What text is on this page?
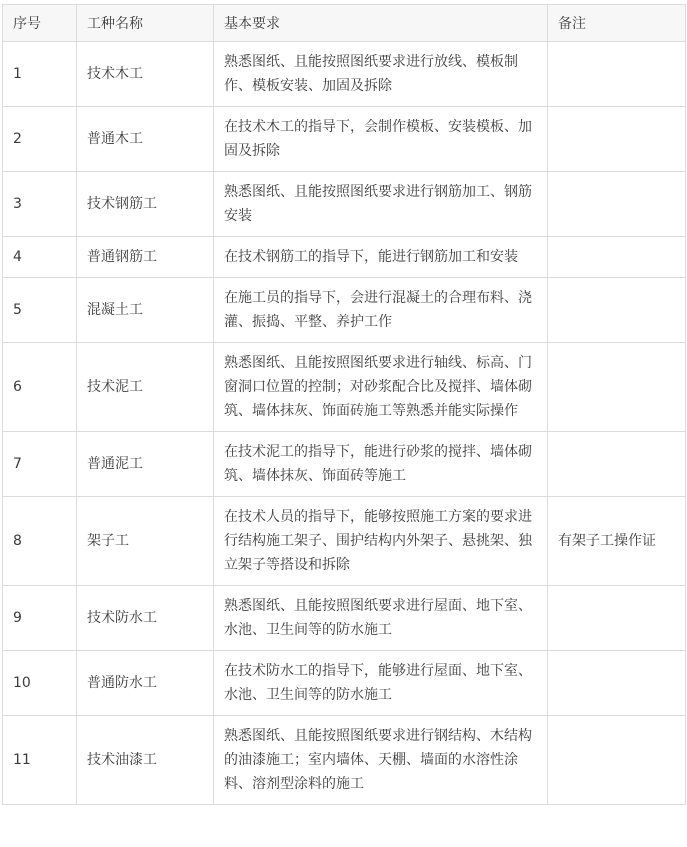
序号	工种名称	基本要求	备注
1	技术木工	熟悉图纸、且能按照图纸要求进行放线、模板制作、模板安装、加固及拆除	
2	普通木工	在技术木工的指导下，会制作模板、安装模板、加固及拆除	
3	技术钢筋工	熟悉图纸、且能按照图纸要求进行钢筋加工、钢筋安装	
4	普通钢筋工	在技术钢筋工的指导下，能进行钢筋加工和安装	
5	混凝土工	在施工员的指导下，会进行混凝土的合理布料、浇灌、振捣、平整、养护工作	
6	技术泥工	熟悉图纸、且能按照图纸要求进行轴线、标高、门窗洞口位置的控制；对砂浆配合比及搅拌、墙体砌筑、墙体抹灰、饰面砖施工等熟悉并能实际操作	
7	普通泥工	在技术泥工的指导下，能进行砂浆的搅拌、墙体砌筑、墙体抹灰、饰面砖等施工	
8	架子工	在技术人员的指导下，能够按照施工方案的要求进行结构施工架子、围护结构内外架子、悬挑架、独立架子等搭设和拆除	有架子工操作证
9	技术防水工	熟悉图纸、且能按照图纸要求进行屋面、地下室、水池、卫生间等的防水施工	
10	普通防水工	在技术防水工的指导下，能够进行屋面、地下室、水池、卫生间等的防水施工	
11	技术油漆工	熟悉图纸、且能按照图纸要求进行钢结构、木结构的油漆施工；室内墙体、天棚、墙面的水溶性涂料、溶剂型涂料的施工	
